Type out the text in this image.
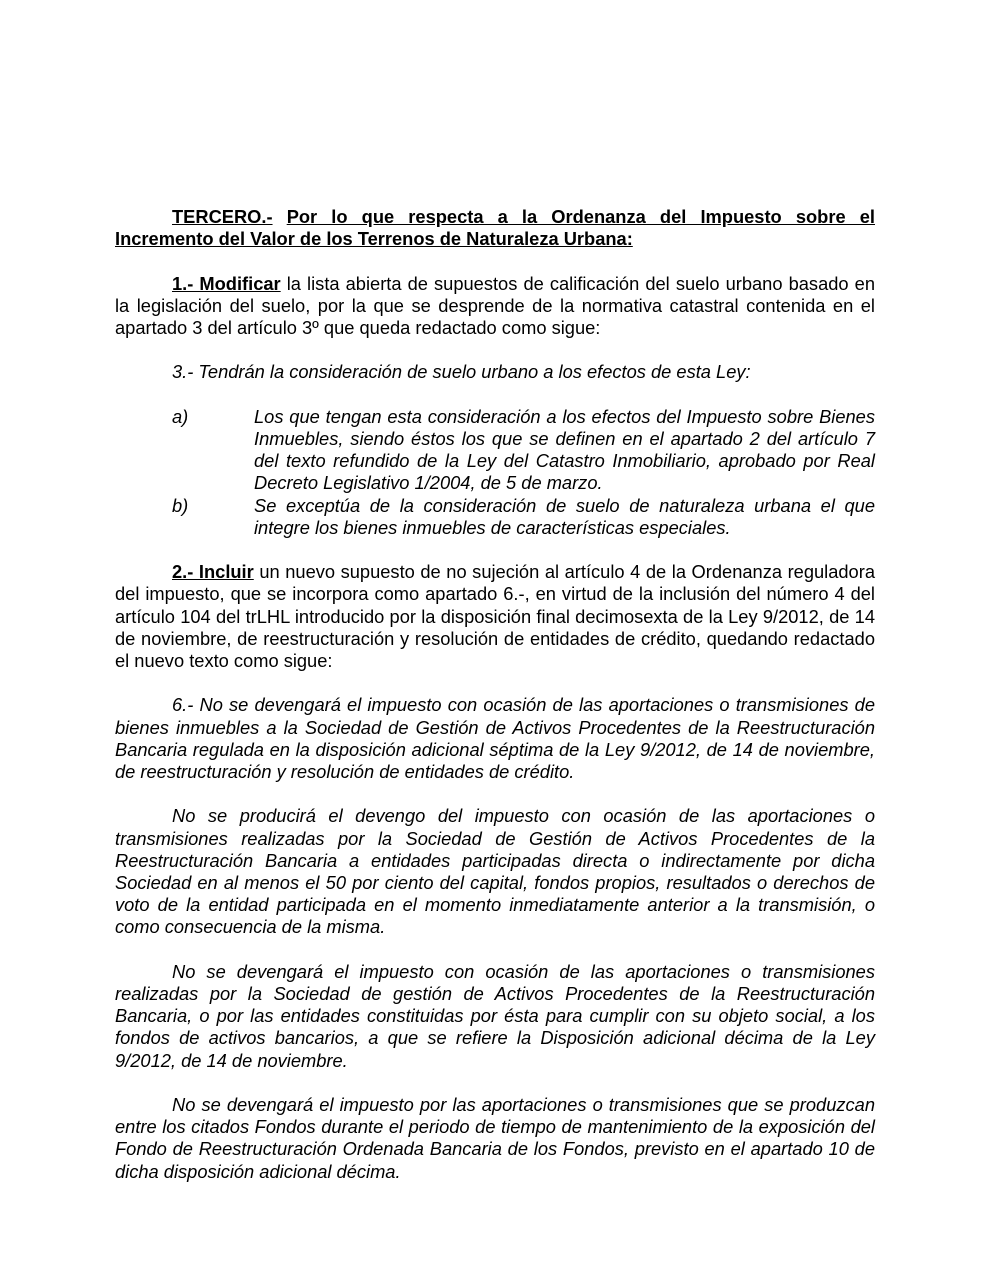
TERCERO.- Por lo que respecta a la Ordenanza del Impuesto sobre el Incremento del Valor de los Terrenos de Naturaleza Urbana:

1.- Modificar la lista abierta de supuestos de calificación del suelo urbano basado en la legislación del suelo, por la que se desprende de la normativa catastral contenida en el apartado 3 del artículo 3º que queda redactado como sigue:

3.- Tendrán la consideración de suelo urbano a los efectos de esta Ley:

a)	Los que tengan esta consideración a los efectos del Impuesto sobre Bienes Inmuebles, siendo éstos los que se definen en el apartado 2 del artículo 7 del texto refundido de la Ley del Catastro Inmobiliario, aprobado por Real Decreto Legislativo 1/2004, de 5 de marzo.
b)	Se exceptúa de la consideración de suelo de naturaleza urbana el que integre los bienes inmuebles de características especiales.

2.- Incluir un nuevo supuesto de no sujeción al artículo 4 de la Ordenanza reguladora del impuesto, que se incorpora como apartado 6.-, en virtud de la inclusión del número 4 del artículo 104 del trLHL introducido por la disposición final decimosexta de la Ley 9/2012, de 14 de noviembre, de reestructuración y resolución de entidades de crédito, quedando redactado el nuevo texto como sigue:

6.- No se devengará el impuesto con ocasión de las aportaciones o transmisiones de bienes inmuebles a la Sociedad de Gestión de Activos Procedentes de la Reestructuración Bancaria regulada en la disposición adicional séptima de la Ley 9/2012, de 14 de noviembre, de reestructuración y resolución de entidades de crédito.

No se producirá el devengo del impuesto con ocasión de las aportaciones o transmisiones realizadas por la Sociedad de Gestión de Activos Procedentes de la Reestructuración Bancaria a entidades participadas directa o indirectamente por dicha Sociedad en al menos el 50 por ciento del capital, fondos propios, resultados o derechos de voto de la entidad participada en el momento inmediatamente anterior a la transmisión, o como consecuencia de la misma.

No se devengará el impuesto con ocasión de las aportaciones o transmisiones realizadas por la Sociedad de gestión de Activos Procedentes de la Reestructuración Bancaria, o por las entidades constituidas por ésta para cumplir con su objeto social, a los fondos de activos bancarios, a que se refiere la Disposición adicional décima de la Ley 9/2012, de 14 de noviembre.

No se devengará el impuesto por las aportaciones o transmisiones que se produzcan entre los citados Fondos durante el periodo de tiempo de mantenimiento de la exposición del Fondo de Reestructuración Ordenada Bancaria de los Fondos, previsto en el apartado 10 de dicha disposición adicional décima.
